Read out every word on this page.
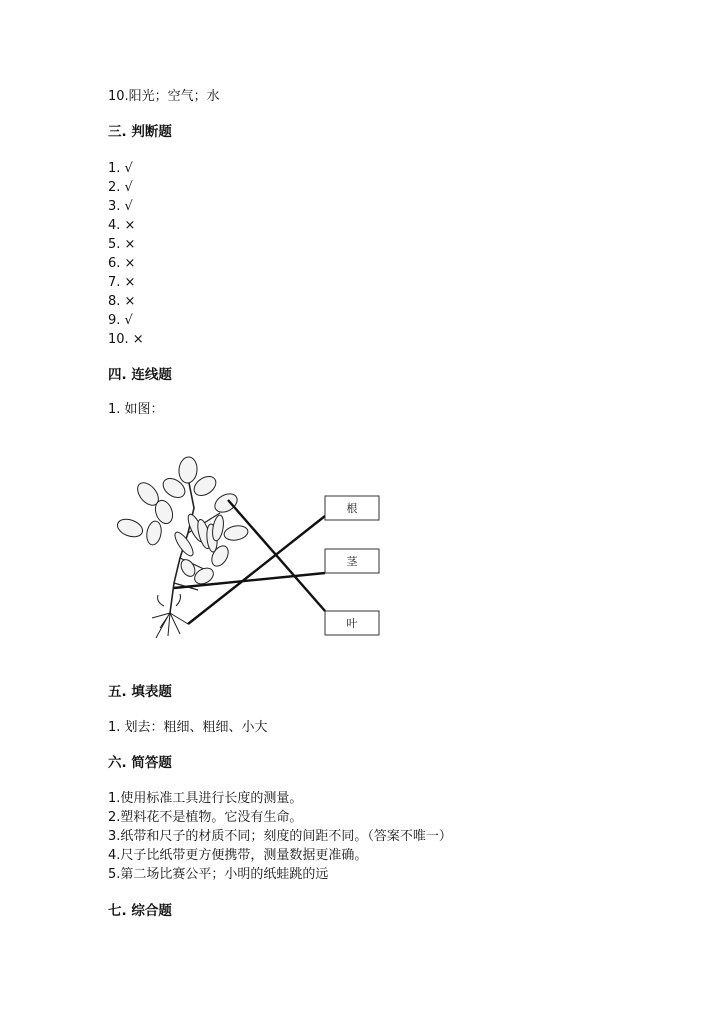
10.阳光；空气；水
三. 判断题
1. √
2. √
3. √
4. ×
5. ×
6. ×
7. ×
8. ×
9. √
10. ×
四. 连线题
1. 如图：
根
茎
叶
五. 填表题
1. 划去：粗细、粗细、小大
六. 简答题
1.使用标准工具进行长度的测量。
2.塑料花不是植物。它没有生命。
3.纸带和尺子的材质不同；刻度的间距不同。（答案不唯一）
4.尺子比纸带更方便携带，测量数据更准确。
5.第二场比赛公平；小明的纸蛙跳的远
七. 综合题
